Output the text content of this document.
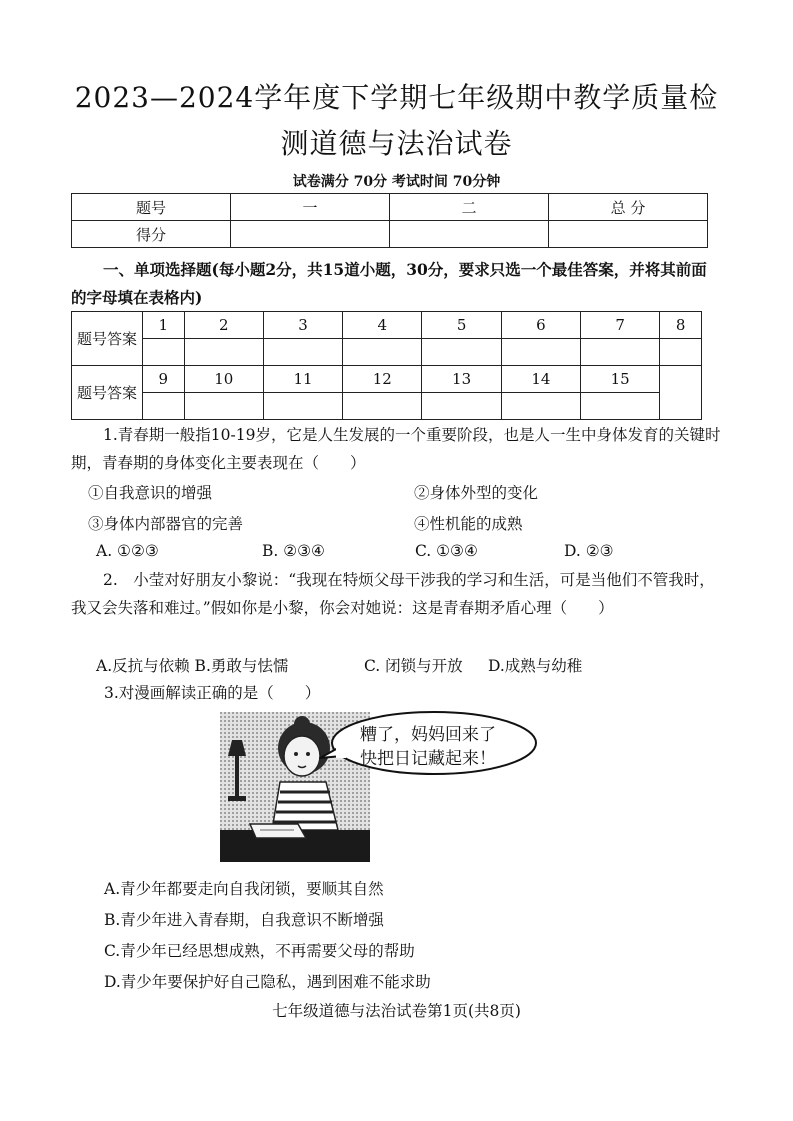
2023—2024学年度下学期七年级期中教学质量检
测道德与法治试卷
试卷满分 70分 考试时间 70分钟
题号	一	二	总 分
得分			
一、单项选择题(每小题2分，共15道小题，30分，要求只选一个最佳答案，并将其前面的字母填在表格内)
题号答案	1	2	3	4	5	6	7	8

题号答案	9	10	11	12	13	14	15	

1.青春期一般指10-19岁，它是人生发展的一个重要阶段，也是人一生中身体发育的关键时期，青春期的身体变化主要表现在（　　）
①自我意识的增强	②身体外型的变化
③身体内部器官的完善	④性机能的成熟
A. ①②③	B. ②③④	C. ①③④	D. ②③
2.　小莹对好朋友小黎说：“我现在特烦父母干涉我的学习和生活，可是当他们不管我时，我又会失落和难过。”假如你是小黎，你会对她说：这是青春期矛盾心理（　　）
A.反抗与依赖 B.勇敢与怯懦	C. 闭锁与开放 D.成熟与幼稚
3.对漫画解读正确的是（　　）
糟了，妈妈回来了
快把日记藏起来！
A.青少年都要走向自我闭锁，要顺其自然
B.青少年进入青春期，自我意识不断增强
C.青少年已经思想成熟，不再需要父母的帮助
D.青少年要保护好自己隐私，遇到困难不能求助
七年级道德与法治试卷第1页(共8页)
